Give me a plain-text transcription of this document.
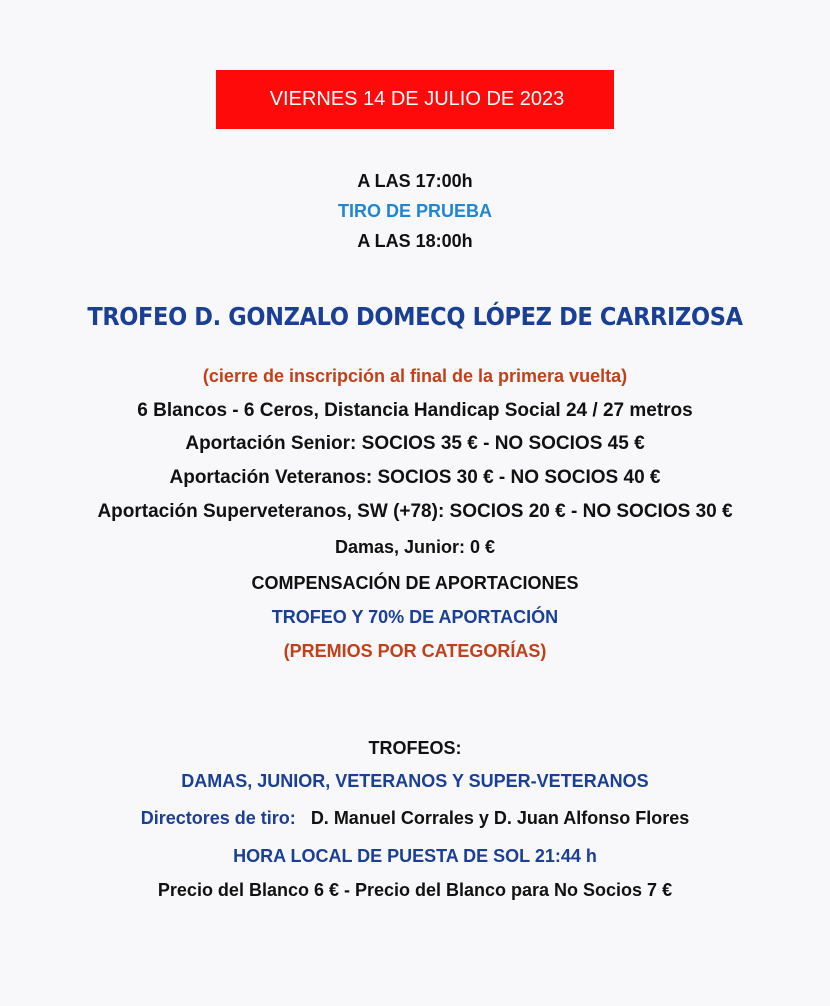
VIERNES 14 DE JULIO DE 2023
A LAS 17:00h
TIRO DE PRUEBA
A LAS 18:00h
TROFEO D. GONZALO DOMECQ LÓPEZ DE CARRIZOSA
(cierre de inscripción al final de la primera vuelta)
6 Blancos - 6 Ceros, Distancia Handicap Social 24 / 27 metros
Aportación Senior: SOCIOS 35 € - NO SOCIOS 45 €
Aportación Veteranos: SOCIOS 30 € - NO SOCIOS 40 €
Aportación Superveteranos, SW (+78): SOCIOS 20 € - NO SOCIOS 30 €
Damas, Junior: 0 €
COMPENSACIÓN DE APORTACIONES
TROFEO Y 70% DE APORTACIÓN
(PREMIOS POR CATEGORÍAS)
TROFEOS:
DAMAS, JUNIOR, VETERANOS Y SUPER-VETERANOS
Directores de tiro: D. Manuel Corrales y D. Juan Alfonso Flores
HORA LOCAL DE PUESTA DE SOL 21:44 h
Precio del Blanco 6 € - Precio del Blanco para No Socios 7 €
